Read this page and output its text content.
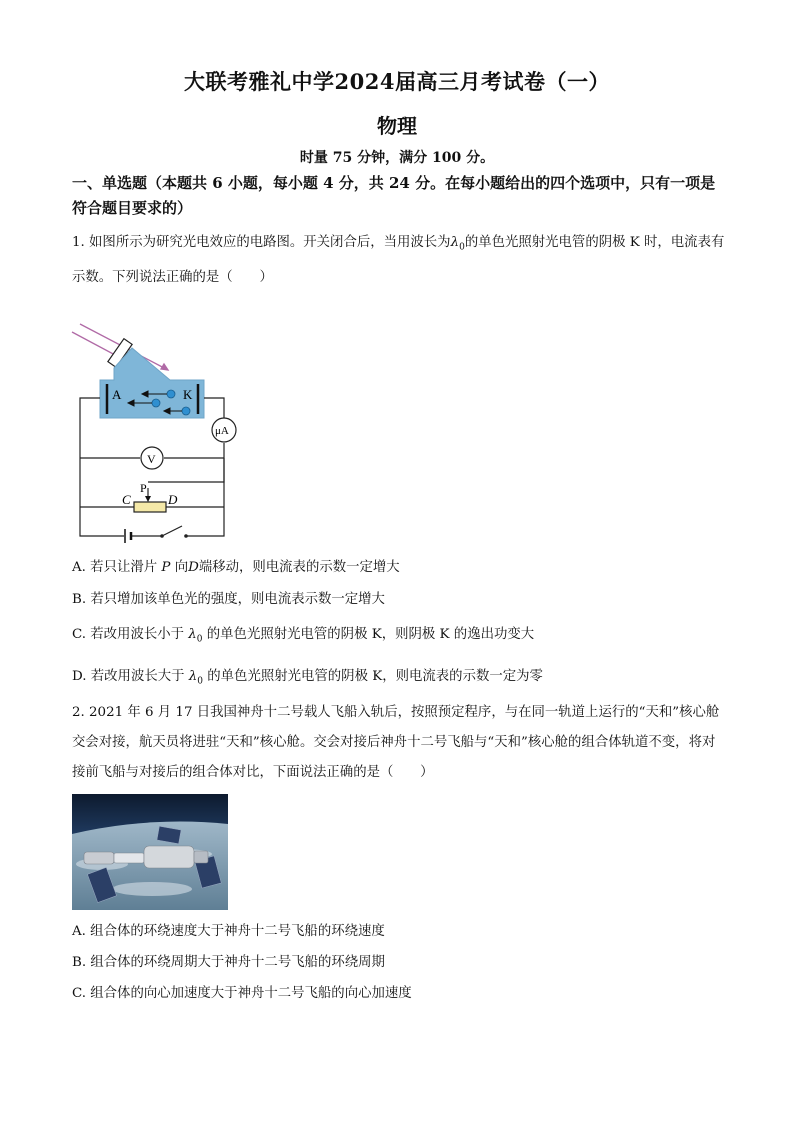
大联考雅礼中学2024届高三月考试卷（一）
物理
时量 75 分钟，满分 100 分。
一、单选题（本题共 6 小题，每小题 4 分，共 24 分。在每小题给出的四个选项中，只有一项是符合题目要求的）
1. 如图所示为研究光电效应的电路图。开关闭合后，当用波长为$\lambda_0$的单色光照射光电管的阴极 K 时，电流表有示数。下列说法正确的是（　　）
A	K
μA
V
P
C	D
A. 若只让滑片 P 向D端移动，则电流表的示数一定增大
B. 若只增加该单色光的强度，则电流表示数一定增大
C. 若改用波长小于 $\lambda_0$ 的单色光照射光电管的阴极 K，则阴极 K 的逸出功变大
D. 若改用波长大于 $\lambda_0$ 的单色光照射光电管的阴极 K，则电流表的示数一定为零
2. 2021 年 6 月 17 日我国神舟十二号载人飞船入轨后，按照预定程序，与在同一轨道上运行的“天和”核心舱交会对接，航天员将进驻“天和”核心舱。交会对接后神舟十二号飞船与“天和”核心舱的组合体轨道不变，将对接前飞船与对接后的组合体对比，下面说法正确的是（　　）
A. 组合体的环绕速度大于神舟十二号飞船的环绕速度
B. 组合体的环绕周期大于神舟十二号飞船的环绕周期
C. 组合体的向心加速度大于神舟十二号飞船的向心加速度
